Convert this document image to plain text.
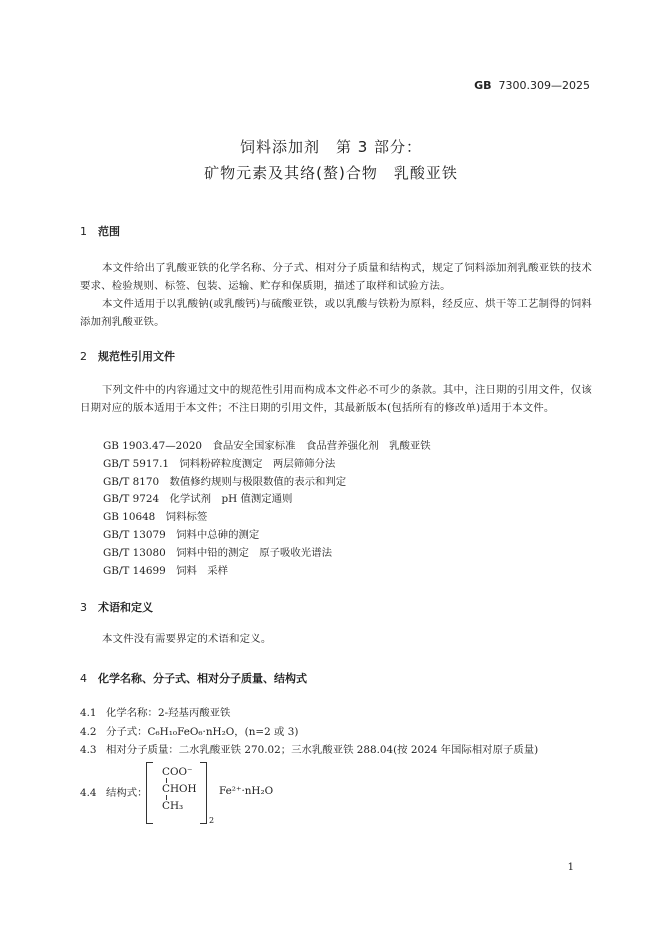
GB 7300.309—2025
饲料添加剂　第 3 部分：
矿物元素及其络(螯)合物　乳酸亚铁
1 范围
本文件给出了乳酸亚铁的化学名称、分子式、相对分子质量和结构式，规定了饲料添加剂乳酸亚铁的技术要求、检验规则、标签、包装、运输、贮存和保质期，描述了取样和试验方法。
本文件适用于以乳酸钠(或乳酸钙)与硫酸亚铁，或以乳酸与铁粉为原料，经反应、烘干等工艺制得的饲料添加剂乳酸亚铁。
2 规范性引用文件
下列文件中的内容通过文中的规范性引用而构成本文件必不可少的条款。其中，注日期的引用文件，仅该日期对应的版本适用于本文件；不注日期的引用文件，其最新版本(包括所有的修改单)适用于本文件。
GB 1903.47—2020　食品安全国家标准　食品营养强化剂　乳酸亚铁
GB/T 5917.1　饲料粉碎粒度测定　两层筛筛分法
GB/T 8170　数值修约规则与极限数值的表示和判定
GB/T 9724　化学试剂　pH 值测定通则
GB 10648　饲料标签
GB/T 13079　饲料中总砷的测定
GB/T 13080　饲料中铅的测定　原子吸收光谱法
GB/T 14699　饲料　采样
3 术语和定义
本文件没有需要界定的术语和定义。
4 化学名称、分子式、相对分子质量、结构式
4.1 化学名称：2-羟基丙酸亚铁
4.2 分子式：C₆H₁₀FeO₆·nH₂O，(n=2 或 3)
4.3 相对分子质量：二水乳酸亚铁 270.02；三水乳酸亚铁 288.04(按 2024 年国际相对原子质量)
4.4 结构式：
COO⁻
CHOH
CH₃
2
Fe²⁺·nH₂O
1
